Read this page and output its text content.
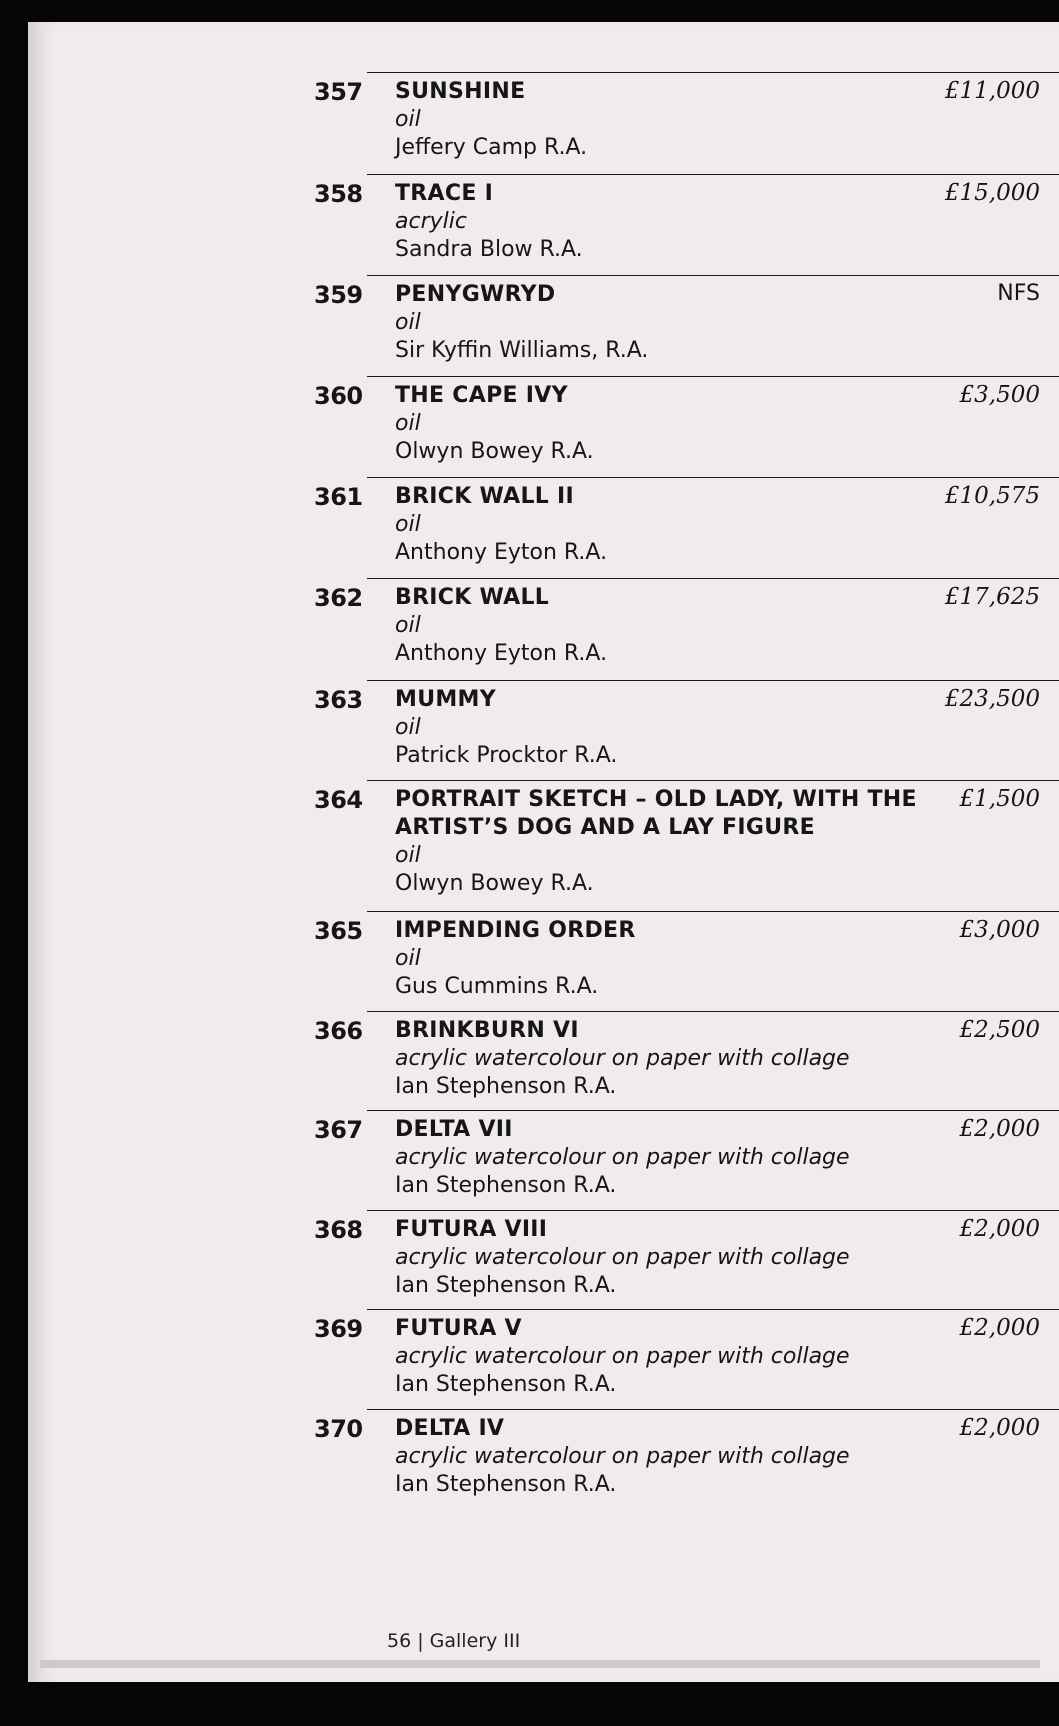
357	SUNSHINE
oil
Jeffery Camp R.A.
£11,000
358	TRACE I
acrylic
Sandra Blow R.A.
£15,000
359	PENYGWRYD
oil
Sir Kyffin Williams, R.A.
NFS
360	THE CAPE IVY
oil
Olwyn Bowey R.A.
£3,500
361	BRICK WALL II
oil
Anthony Eyton R.A.
£10,575
362	BRICK WALL
oil
Anthony Eyton R.A.
£17,625
363	MUMMY
oil
Patrick Procktor R.A.
£23,500
364	PORTRAIT SKETCH – OLD LADY, WITH THE ARTIST’S DOG AND A LAY FIGURE
oil
Olwyn Bowey R.A.
£1,500
365	IMPENDING ORDER
oil
Gus Cummins R.A.
£3,000
366	BRINKBURN VI
acrylic watercolour on paper with collage
Ian Stephenson R.A.
£2,500
367	DELTA VII
acrylic watercolour on paper with collage
Ian Stephenson R.A.
£2,000
368	FUTURA VIII
acrylic watercolour on paper with collage
Ian Stephenson R.A.
£2,000
369	FUTURA V
acrylic watercolour on paper with collage
Ian Stephenson R.A.
£2,000
370	DELTA IV
acrylic watercolour on paper with collage
Ian Stephenson R.A.
£2,000
56 | Gallery III
